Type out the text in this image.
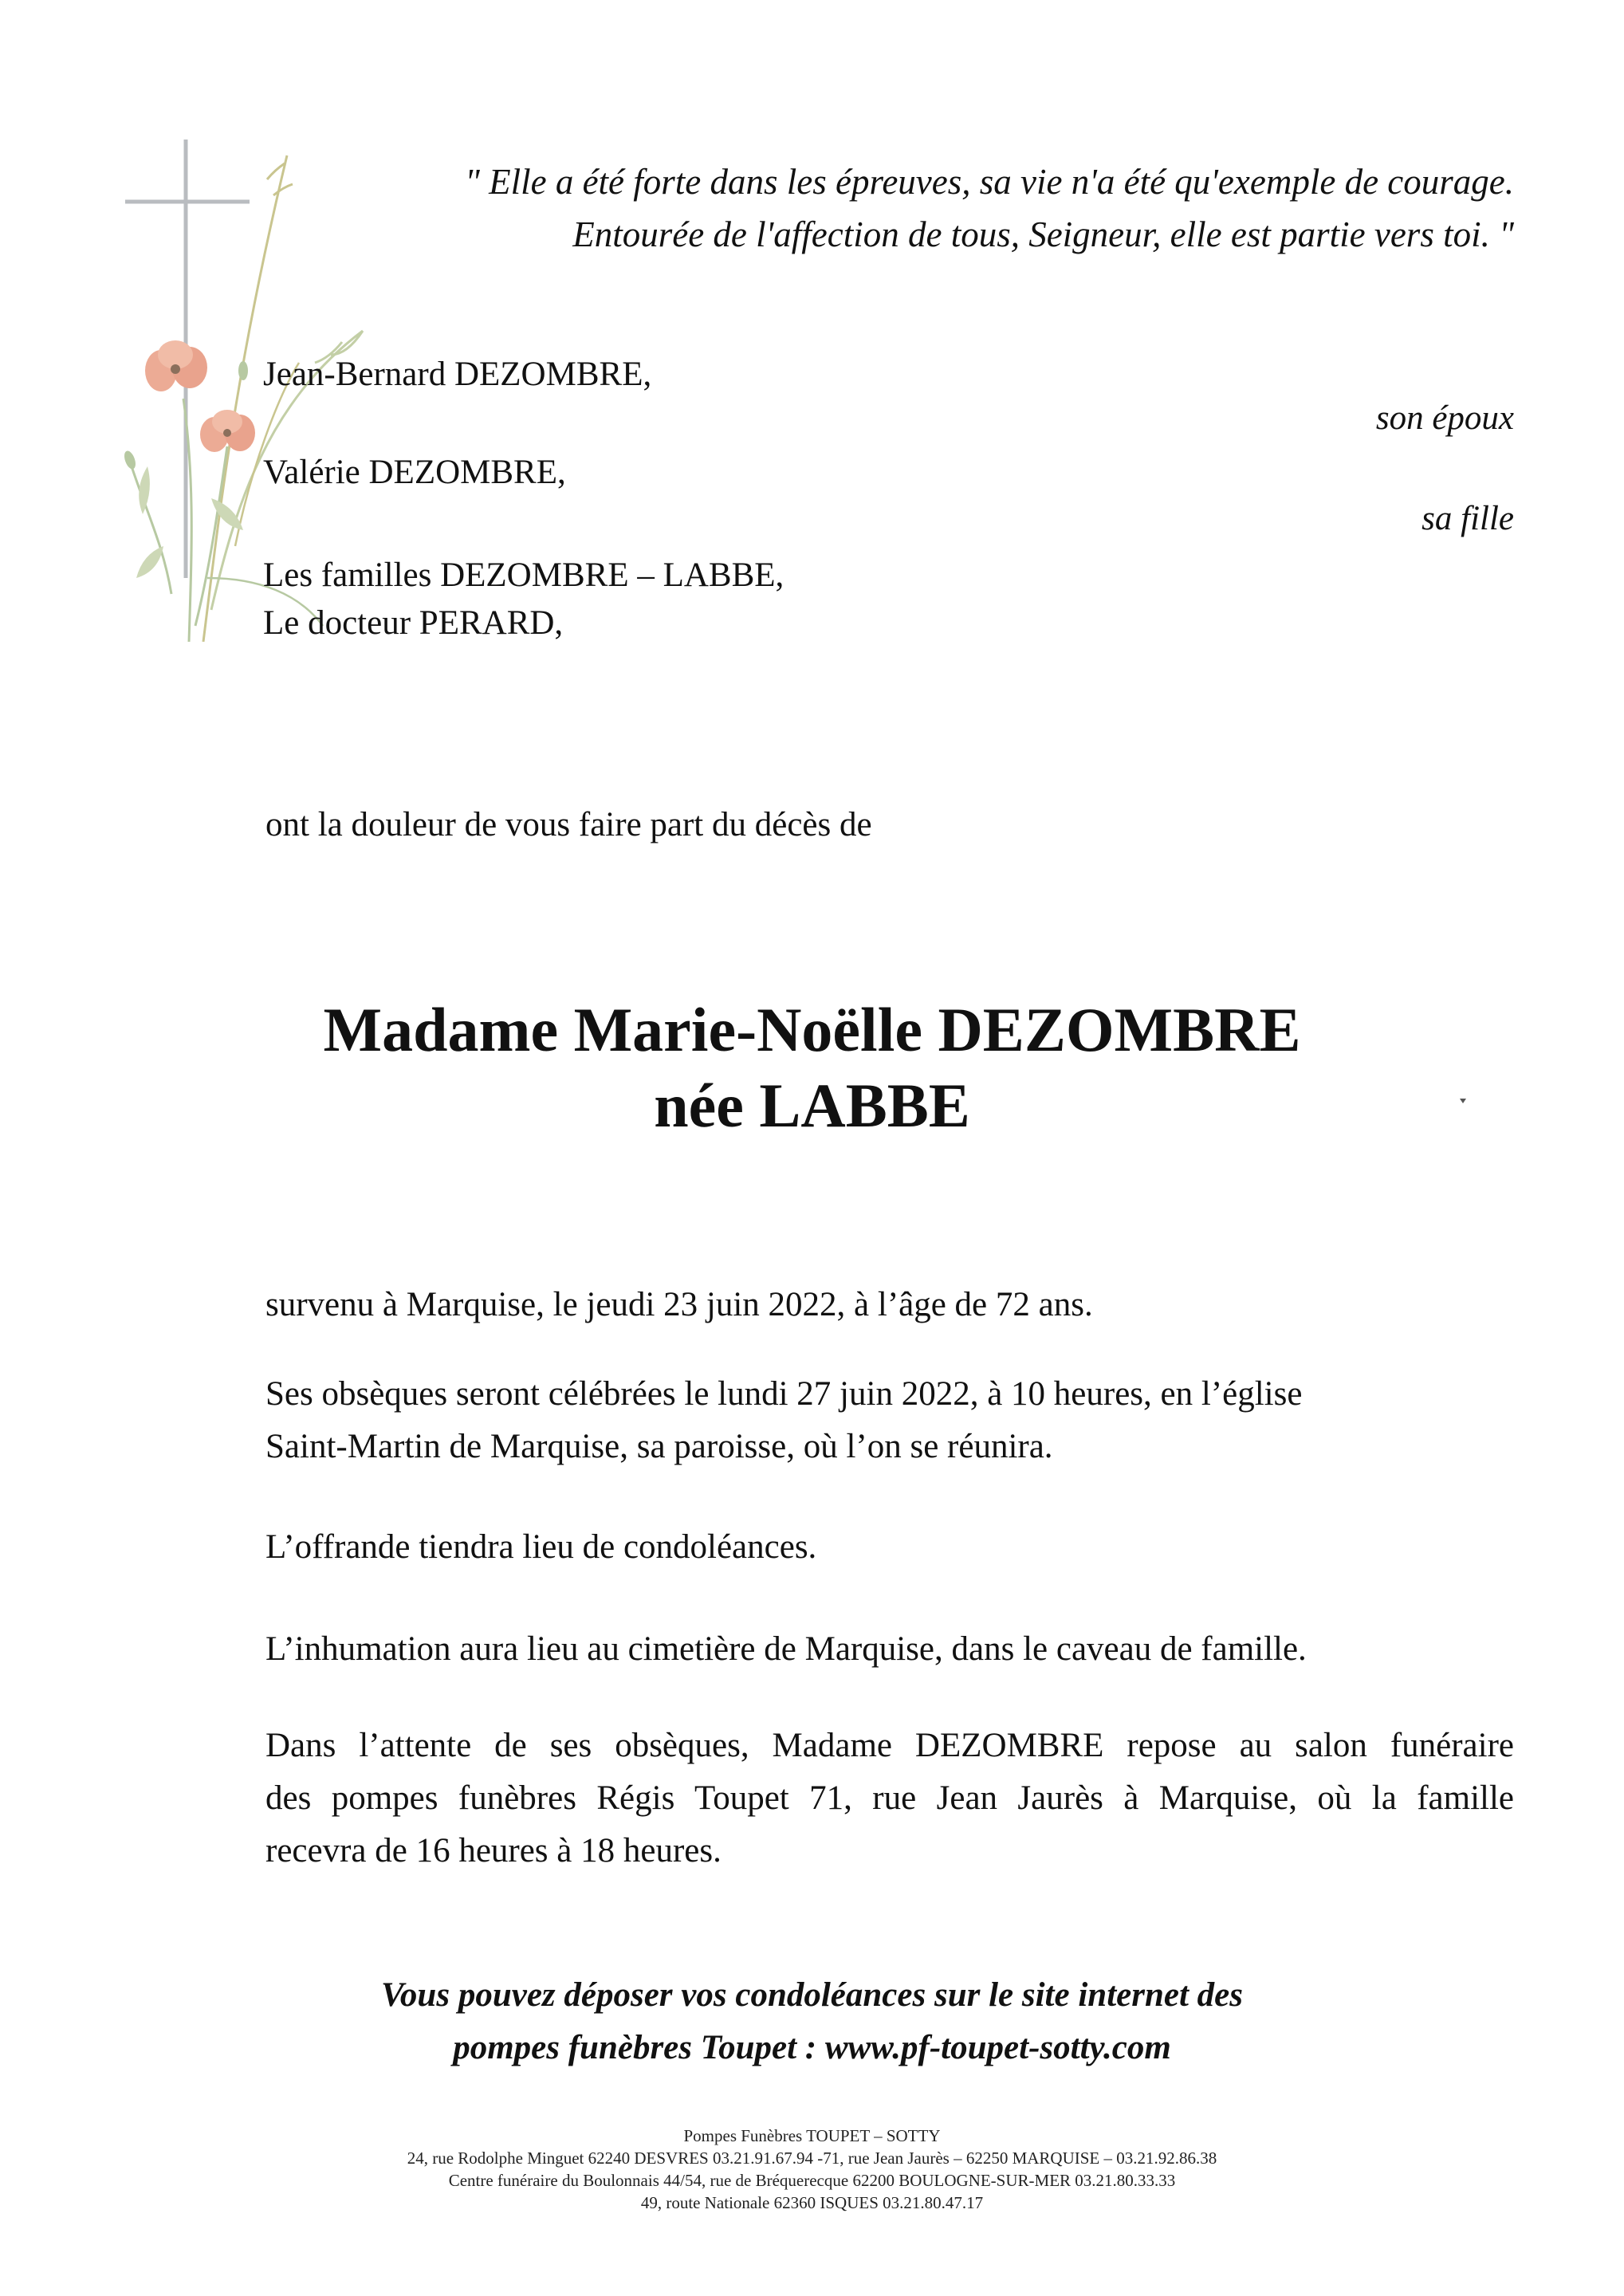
" Elle a été forte dans les épreuves, sa vie n'a été qu'exemple de courage.
Entourée de l'affection de tous, Seigneur, elle est partie vers toi. "
Jean-Bernard DEZOMBRE,
son époux
Valérie DEZOMBRE,
sa fille
Les familles DEZOMBRE – LABBE,
Le docteur PERARD,
ont la douleur de vous faire part du décès de
Madame Marie-Noëlle DEZOMBRE
née LABBE
survenu à Marquise, le jeudi 23 juin 2022, à l’âge de 72 ans.
Ses obsèques seront célébrées le lundi 27 juin 2022, à 10 heures, en l’église
Saint-Martin de Marquise, sa paroisse, où l’on se réunira.
L’offrande tiendra lieu de condoléances.
L’inhumation aura lieu au cimetière de Marquise, dans le caveau de famille.
Dans l’attente de ses obsèques, Madame DEZOMBRE repose au salon funéraire
des pompes funèbres Régis Toupet 71, rue Jean Jaurès à Marquise, où la famille
recevra de 16 heures à 18 heures.
Vous pouvez déposer vos condoléances sur le site internet des
pompes funèbres Toupet : www.pf-toupet-sotty.com
Pompes Funèbres TOUPET – SOTTY
24, rue Rodolphe Minguet 62240 DESVRES 03.21.91.67.94 -71, rue Jean Jaurès – 62250 MARQUISE – 03.21.92.86.38
Centre funéraire du Boulonnais 44/54, rue de Bréquerecque 62200 BOULOGNE-SUR-MER 03.21.80.33.33
49, route Nationale 62360 ISQUES 03.21.80.47.17
